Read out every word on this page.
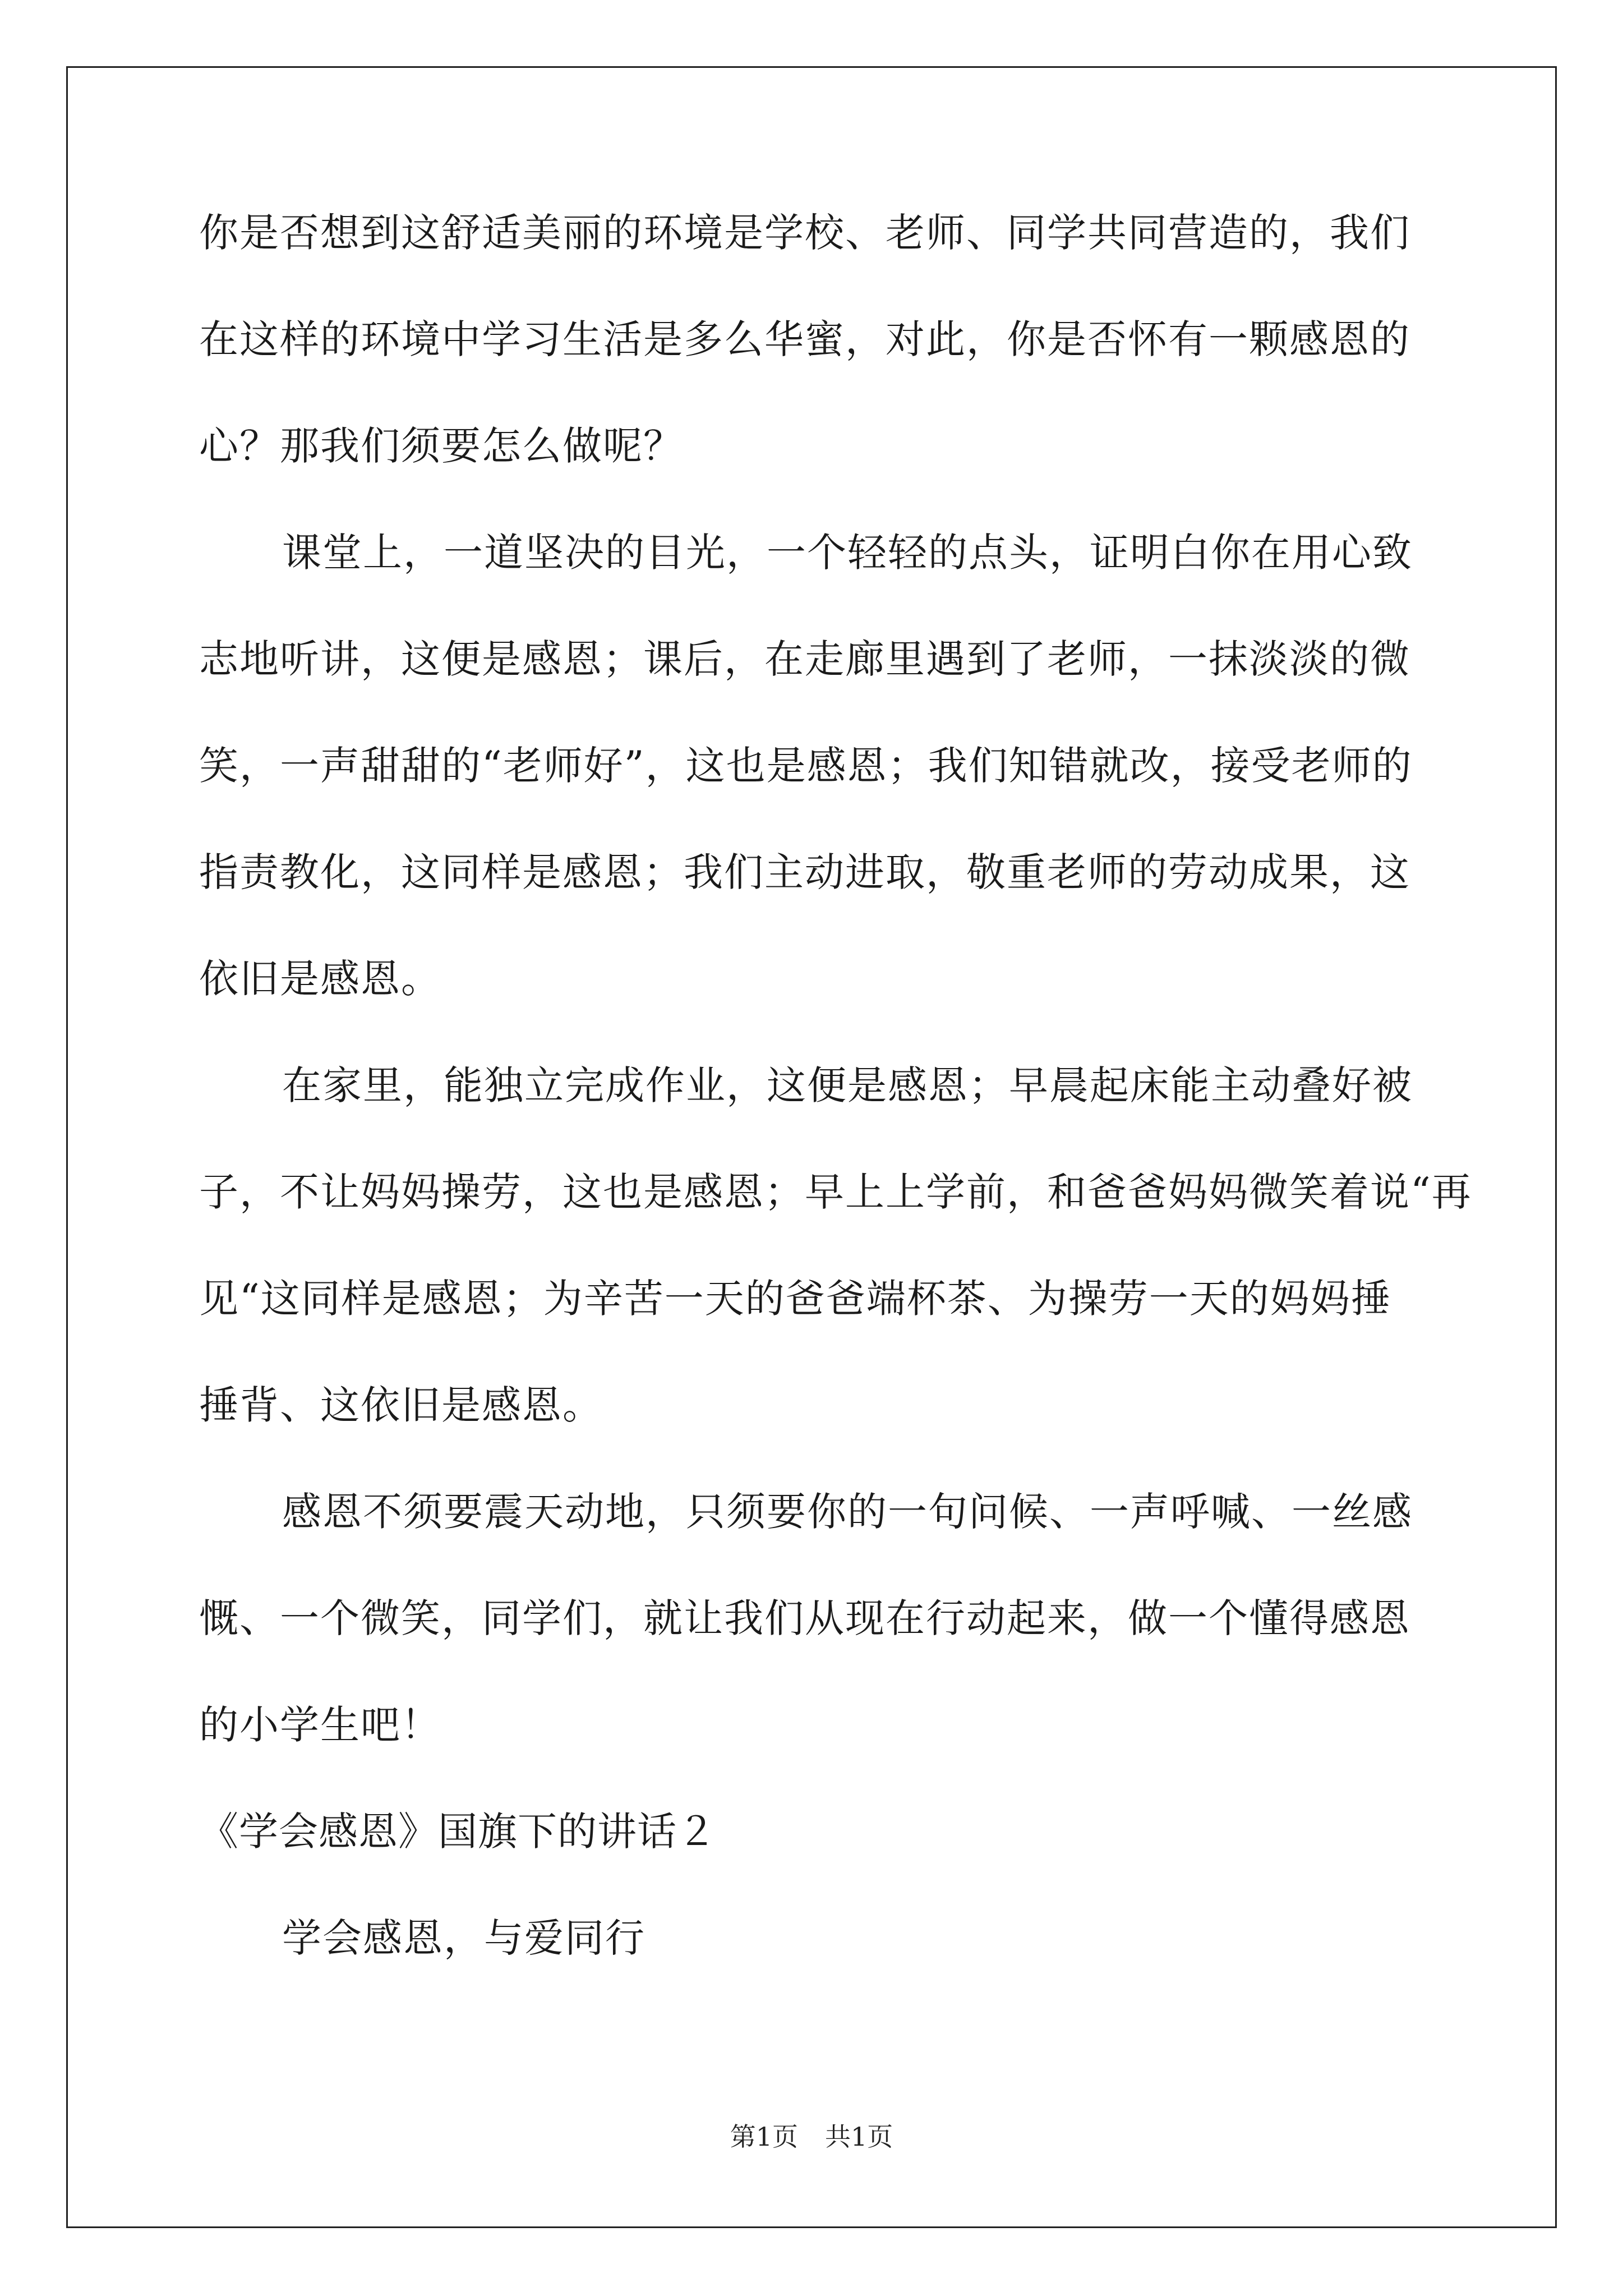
你是否想到这舒适美丽的环境是学校、老师、同学共同营造的，我们
在这样的环境中学习生活是多么华蜜，对此，你是否怀有一颗感恩的
心？那我们须要怎么做呢？
课堂上，一道坚决的目光，一个轻轻的点头，证明白你在用心致
志地听讲，这便是感恩；课后，在走廊里遇到了老师，一抹淡淡的微
笑，一声甜甜的“老师好”，这也是感恩；我们知错就改，接受老师的
指责教化，这同样是感恩；我们主动进取，敬重老师的劳动成果，这
依旧是感恩。
在家里，能独立完成作业，这便是感恩；早晨起床能主动叠好被
子，不让妈妈操劳，这也是感恩；早上上学前，和爸爸妈妈微笑着说“再
见“这同样是感恩；为辛苦一天的爸爸端杯茶、为操劳一天的妈妈捶
捶背、这依旧是感恩。
感恩不须要震天动地，只须要你的一句问候、一声呼喊、一丝感
慨、一个微笑，同学们，就让我们从现在行动起来，做一个懂得感恩
的小学生吧！
《学会感恩》国旗下的讲话２
学会感恩，与爱同行
第1页 共1页
